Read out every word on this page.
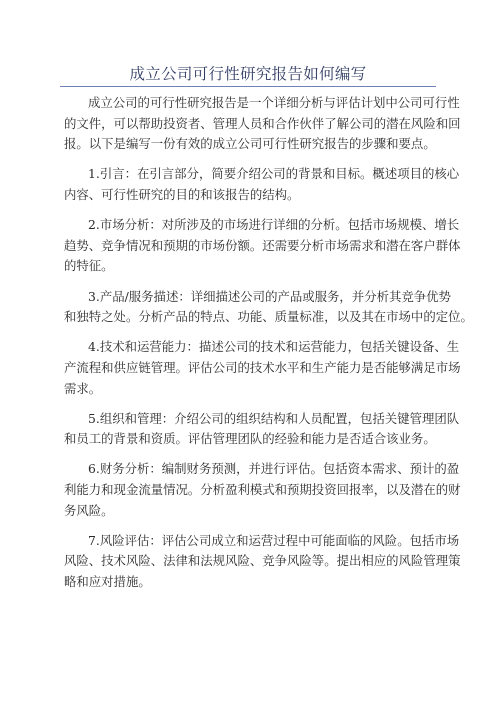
成立公司可行性研究报告如何编写

成立公司的可行性研究报告是一个详细分析与评估计划中公司可行性
的文件，可以帮助投资者、管理人员和合作伙伴了解公司的潜在风险和回
报。以下是编写一份有效的成立公司可行性研究报告的步骤和要点。

1.引言：在引言部分，简要介绍公司的背景和目标。概述项目的核心
内容、可行性研究的目的和该报告的结构。

2.市场分析：对所涉及的市场进行详细的分析。包括市场规模、增长
趋势、竞争情况和预期的市场份额。还需要分析市场需求和潜在客户群体
的特征。

3.产品/服务描述：详细描述公司的产品或服务，并分析其竞争优势
和独特之处。分析产品的特点、功能、质量标准，以及其在市场中的定位。

4.技术和运营能力：描述公司的技术和运营能力，包括关键设备、生
产流程和供应链管理。评估公司的技术水平和生产能力是否能够满足市场
需求。

5.组织和管理：介绍公司的组织结构和人员配置，包括关键管理团队
和员工的背景和资质。评估管理团队的经验和能力是否适合该业务。

6.财务分析：编制财务预测，并进行评估。包括资本需求、预计的盈
利能力和现金流量情况。分析盈利模式和预期投资回报率，以及潜在的财
务风险。

7.风险评估：评估公司成立和运营过程中可能面临的风险。包括市场
风险、技术风险、法律和法规风险、竞争风险等。提出相应的风险管理策
略和应对措施。
